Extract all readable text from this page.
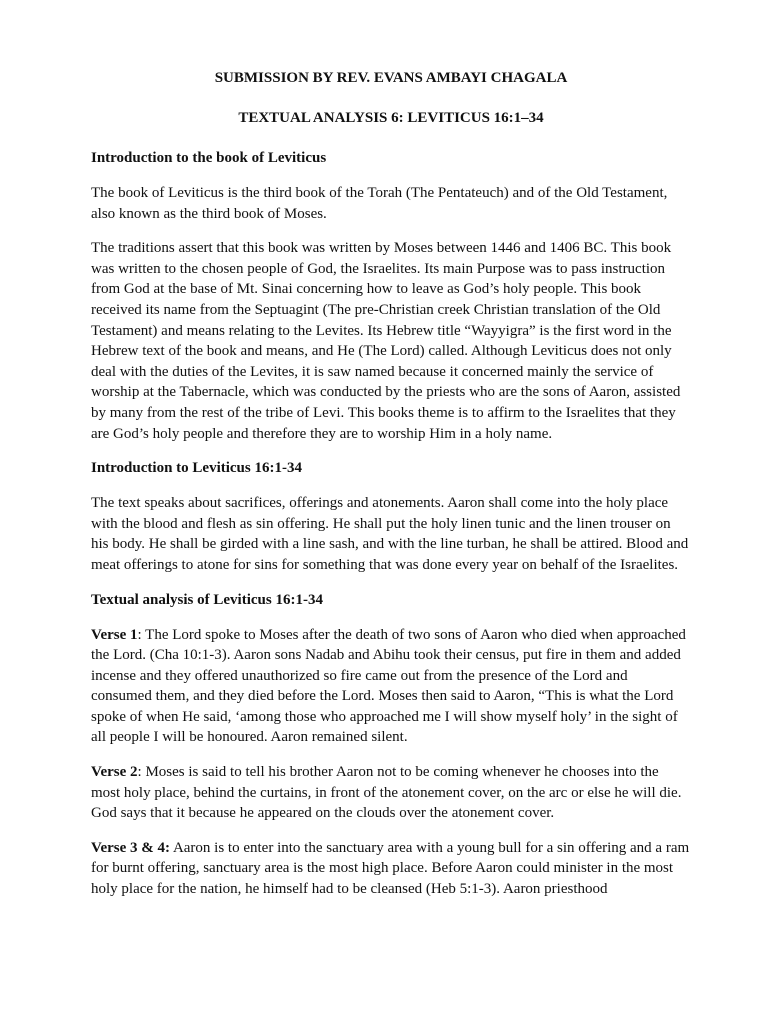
SUBMISSION BY REV. EVANS AMBAYI CHAGALA
TEXTUAL ANALYSIS 6: LEVITICUS 16:1–34
Introduction to the book of Leviticus

The book of Leviticus is the third book of the Torah (The Pentateuch) and of the Old Testament, also known as the third book of Moses.

The traditions assert that this book was written by Moses between 1446 and 1406 BC. This book was written to the chosen people of God, the Israelites. Its main Purpose was to pass instruction from God at the base of Mt. Sinai concerning how to leave as God’s holy people. This book received its name from the Septuagint (The pre-Christian creek Christian translation of the Old Testament) and means relating to the Levites. Its Hebrew title “Wayyigra” is the first word in the Hebrew text of the book and means, and He (The Lord) called. Although Leviticus does not only deal with the duties of the Levites, it is saw named because it concerned mainly the service of worship at the Tabernacle, which was conducted by the priests who are the sons of Aaron, assisted by many from the rest of the tribe of Levi. This books theme is to affirm to the Israelites that they are God’s holy people and therefore they are to worship Him in a holy name.

Introduction to Leviticus 16:1-34

The text speaks about sacrifices, offerings and atonements. Aaron shall come into the holy place with the blood and flesh as sin offering. He shall put the holy linen tunic and the linen trouser on his body. He shall be girded with a line sash, and with the line turban, he shall be attired. Blood and meat offerings to atone for sins for something that was done every year on behalf of the Israelites.

Textual analysis of Leviticus 16:1-34

Verse 1: The Lord spoke to Moses after the death of two sons of Aaron who died when approached the Lord. (Cha 10:1-3). Aaron sons Nadab and Abihu took their census, put fire in them and added incense and they offered unauthorized so fire came out from the presence of the Lord and consumed them, and they died before the Lord. Moses then said to Aaron, “This is what the Lord spoke of when He said, ‘among those who approached me I will show myself holy’ in the sight of all people I will be honoured. Aaron remained silent.

Verse 2: Moses is said to tell his brother Aaron not to be coming whenever he chooses into the most holy place, behind the curtains, in front of the atonement cover, on the arc or else he will die. God says that it because he appeared on the clouds over the atonement cover.

Verse 3 & 4: Aaron is to enter into the sanctuary area with a young bull for a sin offering and a ram for burnt offering, sanctuary area is the most high place. Before Aaron could minister in the most holy place for the nation, he himself had to be cleansed (Heb 5:1-3). Aaron priesthood
